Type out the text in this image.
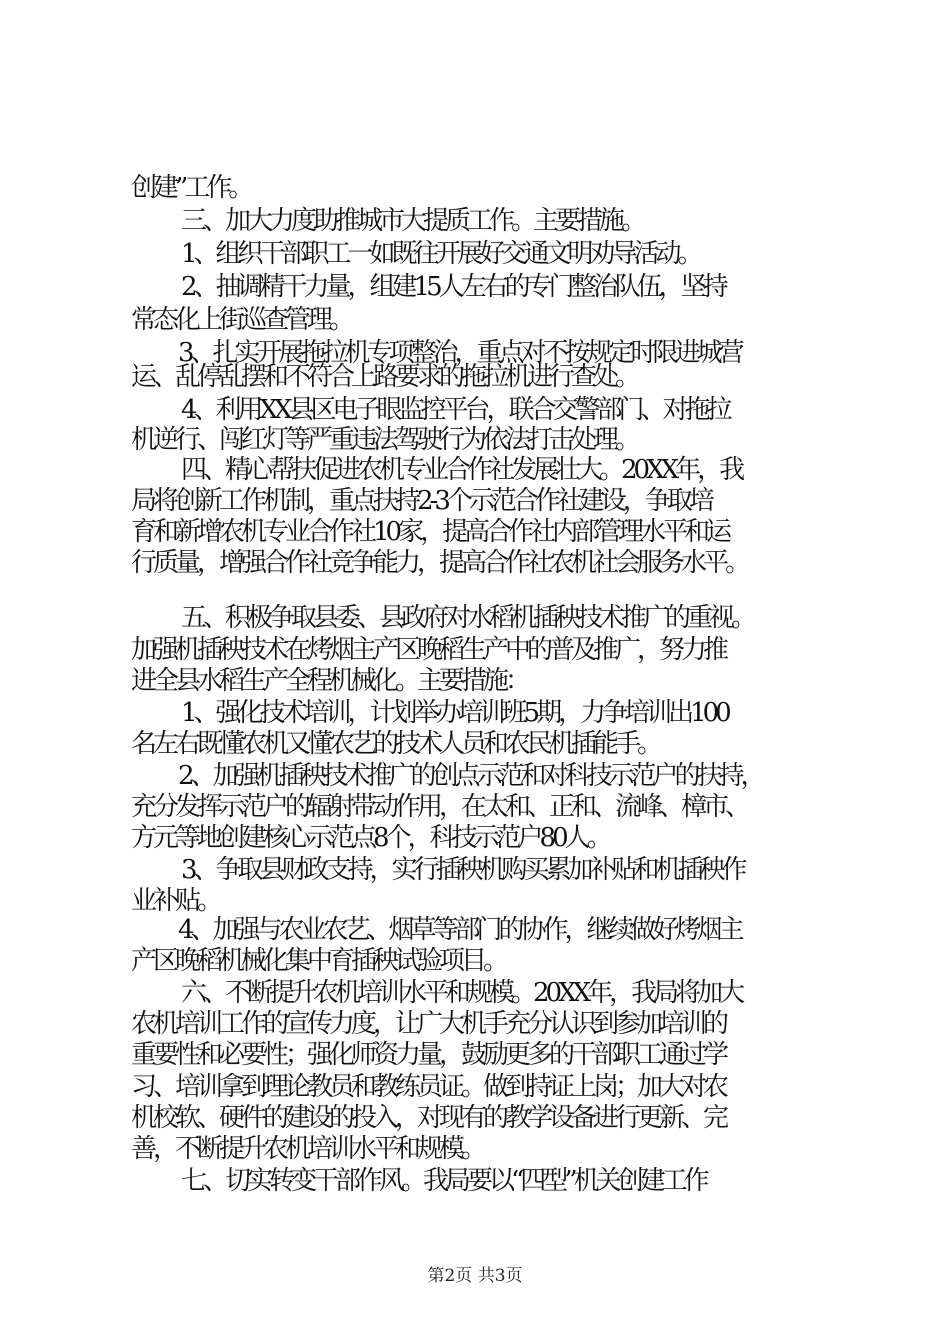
创建”工作。
三、加大力度助推城市大提质工作。主要措施。
1、组织干部职工一如既往开展好交通文明劝导活动。
2、抽调精干力量，组建15人左右的专门整治队伍，坚持
常态化上街巡查管理。
3、扎实开展拖拉机专项整治，重点对不按规定时限进城营
运、乱停乱摆和不符合上路要求的拖拉机进行查处。
4、利用XX县区电子眼监控平台，联合交警部门、对拖拉
机逆行、闯红灯等严重违法驾驶行为依法打击处理。
四、精心帮扶促进农机专业合作社发展壮大。20XX年，我
局将创新工作机制，重点扶持2-3个示范合作社建设，争取培
育和新增农机专业合作社10家，提高合作社内部管理水平和运
行质量，增强合作社竞争能力，提高合作社农机社会服务水平。
五、积极争取县委、县政府对水稻机插秧技术推广的重视。
加强机插秧技术在烤烟主产区晚稻生产中的普及推广，努力推
进全县水稻生产全程机械化。主要措施：
1、强化技术培训，计划举办培训班5期，力争培训出100
名左右既懂农机又懂农艺的技术人员和农民机插能手。
2、加强机插秧技术推广的创点示范和对科技示范户的扶持，
充分发挥示范户的辐射带动作用，在太和、正和、流峰、樟市、
方元等地创建核心示范点8个，科技示范户80人。
3、争取县财政支持，实行插秧机购买累加补贴和机插秧作
业补贴。
4、加强与农业农艺、烟草等部门的协作，继续做好烤烟主
产区晚稻机械化集中育插秧试验项目。
六、不断提升农机培训水平和规模。20XX年，我局将加大
农机培训工作的宣传力度，让广大机手充分认识到参加培训的
重要性和必要性；强化师资力量，鼓励更多的干部职工通过学
习、培训拿到理论教员和教练员证。做到持证上岗；加大对农
机校软、硬件的建设的投入，对现有的教学设备进行更新、完
善，不断提升农机培训水平和规模。
七、切实转变干部作风。我局要以“四型”机关创建工作
第2页 共3页
